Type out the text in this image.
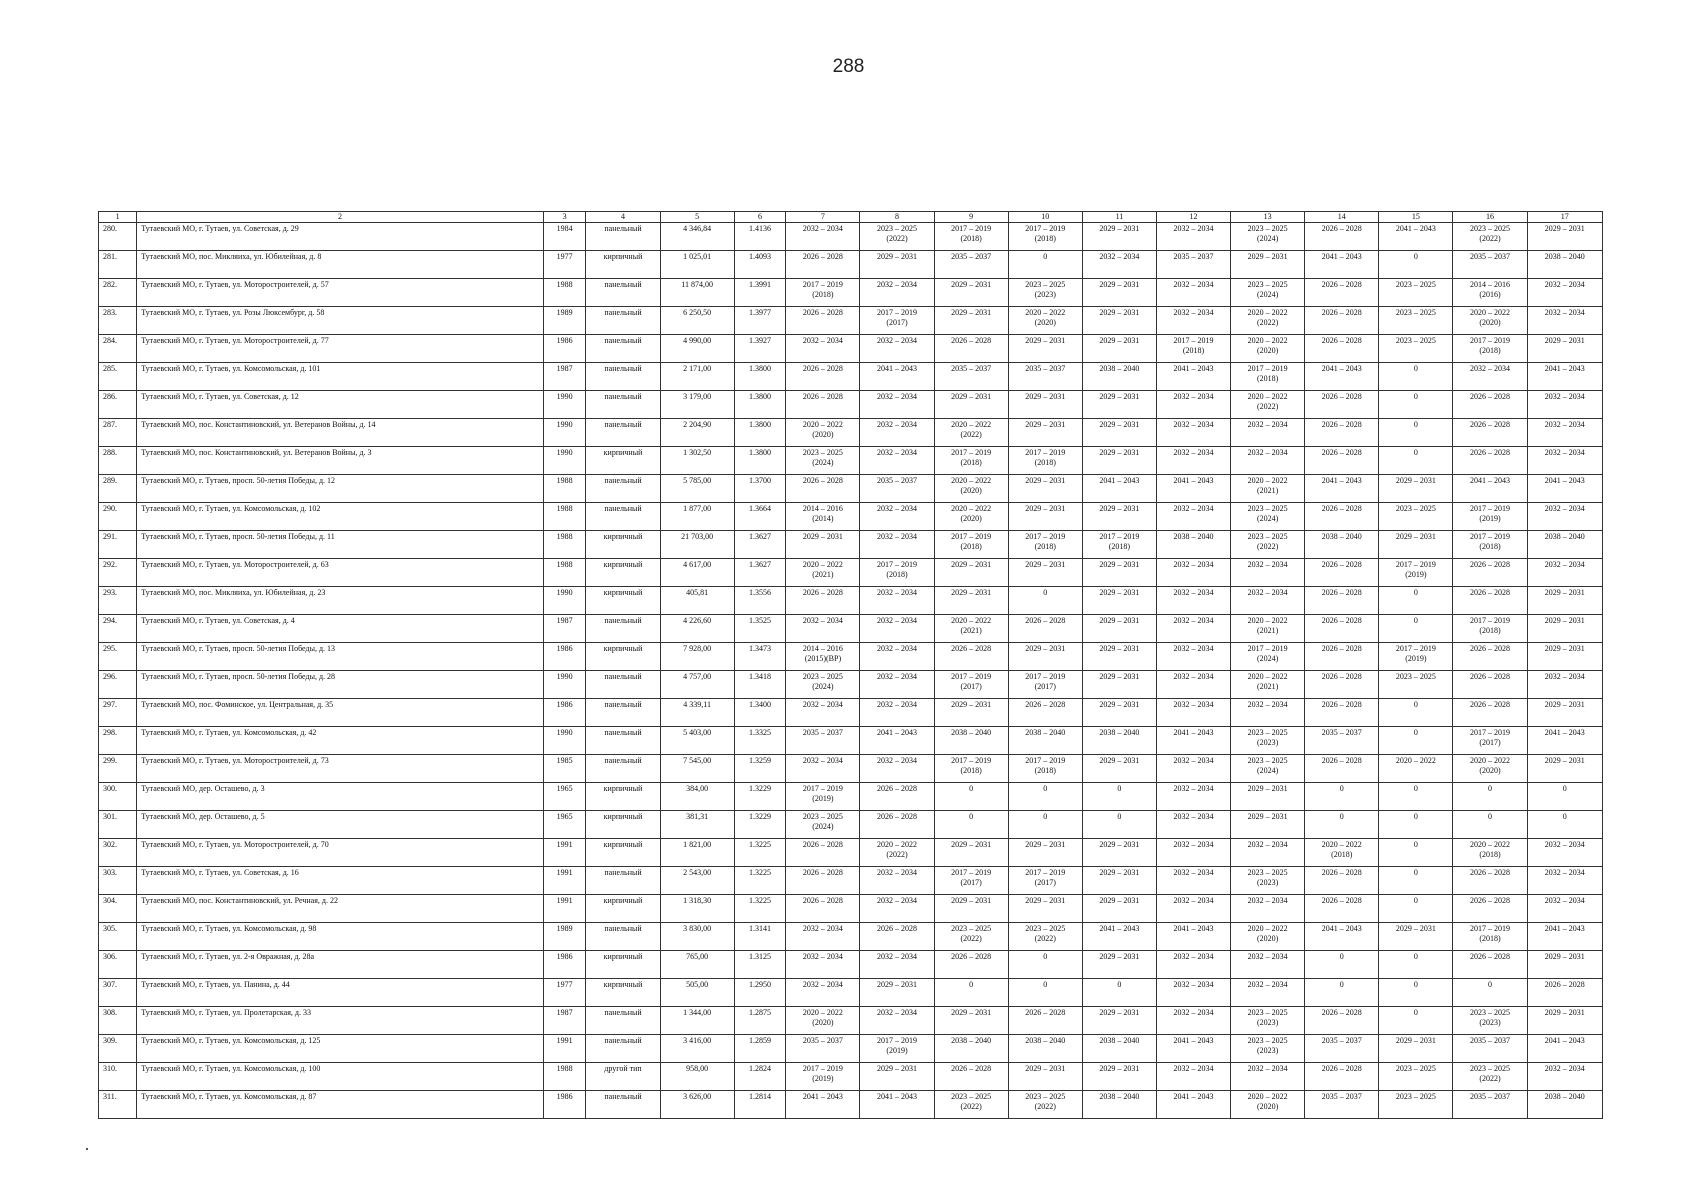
288
1	2	3	4	5	6	7	8	9	10	11	12	13	14	15	16	17
280.	Тутаевский МО, г. Тутаев, ул. Советская, д. 29	1984	панельный	4 346,84	1.4136	2032 – 2034	2023 – 2025
(2022)	2017 – 2019
(2018)	2017 – 2019
(2018)	2029 – 2031	2032 – 2034	2023 – 2025
(2024)	2026 – 2028	2041 – 2043	2023 – 2025
(2022)	2029 – 2031
281.	Тутаевский МО, пос. Микляиха, ул. Юбилейная, д. 8	1977	кирпичный	1 025,01	1.4093	2026 – 2028	2029 – 2031	2035 – 2037	0	2032 – 2034	2035 – 2037	2029 – 2031	2041 – 2043	0	2035 – 2037	2038 – 2040
282.	Тутаевский МО, г. Тутаев, ул. Моторостроителей, д. 57	1988	панельный	11 874,00	1.3991	2017 – 2019
(2018)	2032 – 2034	2029 – 2031	2023 – 2025
(2023)	2029 – 2031	2032 – 2034	2023 – 2025
(2024)	2026 – 2028	2023 – 2025	2014 – 2016
(2016)	2032 – 2034
283.	Тутаевский МО, г. Тутаев, ул. Розы Люксембург, д. 58	1989	панельный	6 250,50	1.3977	2026 – 2028	2017 – 2019
(2017)	2029 – 2031	2020 – 2022
(2020)	2029 – 2031	2032 – 2034	2020 – 2022
(2022)	2026 – 2028	2023 – 2025	2020 – 2022
(2020)	2032 – 2034
284.	Тутаевский МО, г. Тутаев, ул. Моторостроителей, д. 77	1986	панельный	4 990,00	1.3927	2032 – 2034	2032 – 2034	2026 – 2028	2029 – 2031	2029 – 2031	2017 – 2019
(2018)	2020 – 2022
(2020)	2026 – 2028	2023 – 2025	2017 – 2019
(2018)	2029 – 2031
285.	Тутаевский МО, г. Тутаев, ул. Комсомольская, д. 101	1987	панельный	2 171,00	1.3800	2026 – 2028	2041 – 2043	2035 – 2037	2035 – 2037	2038 – 2040	2041 – 2043	2017 – 2019
(2018)	2041 – 2043	0	2032 – 2034	2041 – 2043
286.	Тутаевский МО, г. Тутаев, ул. Советская, д. 12	1990	панельный	3 179,00	1.3800	2026 – 2028	2032 – 2034	2029 – 2031	2029 – 2031	2029 – 2031	2032 – 2034	2020 – 2022
(2022)	2026 – 2028	0	2026 – 2028	2032 – 2034
287.	Тутаевский МО, пос. Константиновский, ул. Ветеранов Войны, д. 14	1990	панельный	2 204,90	1.3800	2020 – 2022
(2020)	2032 – 2034	2020 – 2022
(2022)	2029 – 2031	2029 – 2031	2032 – 2034	2032 – 2034	2026 – 2028	0	2026 – 2028	2032 – 2034
288.	Тутаевский МО, пос. Константиновский, ул. Ветеранов Войны, д. 3	1990	кирпичный	1 302,50	1.3800	2023 – 2025
(2024)	2032 – 2034	2017 – 2019
(2018)	2017 – 2019
(2018)	2029 – 2031	2032 – 2034	2032 – 2034	2026 – 2028	0	2026 – 2028	2032 – 2034
289.	Тутаевский МО, г. Тутаев, просп. 50-летия Победы, д. 12	1988	панельный	5 785,00	1.3700	2026 – 2028	2035 – 2037	2020 – 2022
(2020)	2029 – 2031	2041 – 2043	2041 – 2043	2020 – 2022
(2021)	2041 – 2043	2029 – 2031	2041 – 2043	2041 – 2043
290.	Тутаевский МО, г. Тутаев, ул. Комсомольская, д. 102	1988	панельный	1 877,00	1.3664	2014 – 2016
(2014)	2032 – 2034	2020 – 2022
(2020)	2029 – 2031	2029 – 2031	2032 – 2034	2023 – 2025
(2024)	2026 – 2028	2023 – 2025	2017 – 2019
(2019)	2032 – 2034
291.	Тутаевский МО, г. Тутаев, просп. 50-летия Победы, д. 11	1988	кирпичный	21 703,00	1.3627	2029 – 2031	2032 – 2034	2017 – 2019
(2018)	2017 – 2019
(2018)	2017 – 2019
(2018)	2038 – 2040	2023 – 2025
(2022)	2038 – 2040	2029 – 2031	2017 – 2019
(2018)	2038 – 2040
292.	Тутаевский МО, г. Тутаев, ул. Моторостроителей, д. 63	1988	кирпичный	4 617,00	1.3627	2020 – 2022
(2021)	2017 – 2019
(2018)	2029 – 2031	2029 – 2031	2029 – 2031	2032 – 2034	2032 – 2034	2026 – 2028	2017 – 2019
(2019)	2026 – 2028	2032 – 2034
293.	Тутаевский МО, пос. Микляиха, ул. Юбилейная, д. 23	1990	кирпичный	405,81	1.3556	2026 – 2028	2032 – 2034	2029 – 2031	0	2029 – 2031	2032 – 2034	2032 – 2034	2026 – 2028	0	2026 – 2028	2029 – 2031
294.	Тутаевский МО, г. Тутаев, ул. Советская, д. 4	1987	панельный	4 226,60	1.3525	2032 – 2034	2032 – 2034	2020 – 2022
(2021)	2026 – 2028	2029 – 2031	2032 – 2034	2020 – 2022
(2021)	2026 – 2028	0	2017 – 2019
(2018)	2029 – 2031
295.	Тутаевский МО, г. Тутаев, просп. 50-летия Победы, д. 13	1986	кирпичный	7 928,00	1.3473	2014 – 2016
(2015)(ВР)	2032 – 2034	2026 – 2028	2029 – 2031	2029 – 2031	2032 – 2034	2017 – 2019
(2024)	2026 – 2028	2017 – 2019
(2019)	2026 – 2028	2029 – 2031
296.	Тутаевский МО, г. Тутаев, просп. 50-летия Победы, д. 28	1990	панельный	4 757,00	1.3418	2023 – 2025
(2024)	2032 – 2034	2017 – 2019
(2017)	2017 – 2019
(2017)	2029 – 2031	2032 – 2034	2020 – 2022
(2021)	2026 – 2028	2023 – 2025	2026 – 2028	2032 – 2034
297.	Тутаевский МО, пос. Фоминское, ул. Центральная, д. 35	1986	панельный	4 339,11	1.3400	2032 – 2034	2032 – 2034	2029 – 2031	2026 – 2028	2029 – 2031	2032 – 2034	2032 – 2034	2026 – 2028	0	2026 – 2028	2029 – 2031
298.	Тутаевский МО, г. Тутаев, ул. Комсомольская, д. 42	1990	панельный	5 403,00	1.3325	2035 – 2037	2041 – 2043	2038 – 2040	2038 – 2040	2038 – 2040	2041 – 2043	2023 – 2025
(2023)	2035 – 2037	0	2017 – 2019
(2017)	2041 – 2043
299.	Тутаевский МО, г. Тутаев, ул. Моторостроителей, д. 73	1985	панельный	7 545,00	1.3259	2032 – 2034	2032 – 2034	2017 – 2019
(2018)	2017 – 2019
(2018)	2029 – 2031	2032 – 2034	2023 – 2025
(2024)	2026 – 2028	2020 – 2022	2020 – 2022
(2020)	2029 – 2031
300.	Тутаевский МО, дер. Осташево, д. 3	1965	кирпичный	384,00	1.3229	2017 – 2019
(2019)	2026 – 2028	0	0	0	2032 – 2034	2029 – 2031	0	0	0	0
301.	Тутаевский МО, дер. Осташево, д. 5	1965	кирпичный	381,31	1.3229	2023 – 2025
(2024)	2026 – 2028	0	0	0	2032 – 2034	2029 – 2031	0	0	0	0
302.	Тутаевский МО, г. Тутаев, ул. Моторостроителей, д. 70	1991	кирпичный	1 821,00	1.3225	2026 – 2028	2020 – 2022
(2022)	2029 – 2031	2029 – 2031	2029 – 2031	2032 – 2034	2032 – 2034	2020 – 2022
(2018)	0	2020 – 2022
(2018)	2032 – 2034
303.	Тутаевский МО, г. Тутаев, ул. Советская, д. 16	1991	панельный	2 543,00	1.3225	2026 – 2028	2032 – 2034	2017 – 2019
(2017)	2017 – 2019
(2017)	2029 – 2031	2032 – 2034	2023 – 2025
(2023)	2026 – 2028	0	2026 – 2028	2032 – 2034
304.	Тутаевский МО, пос. Константиновский, ул. Речная, д. 22	1991	кирпичный	1 318,30	1.3225	2026 – 2028	2032 – 2034	2029 – 2031	2029 – 2031	2029 – 2031	2032 – 2034	2032 – 2034	2026 – 2028	0	2026 – 2028	2032 – 2034
305.	Тутаевский МО, г. Тутаев, ул. Комсомольская, д. 98	1989	панельный	3 830,00	1.3141	2032 – 2034	2026 – 2028	2023 – 2025
(2022)	2023 – 2025
(2022)	2041 – 2043	2041 – 2043	2020 – 2022
(2020)	2041 – 2043	2029 – 2031	2017 – 2019
(2018)	2041 – 2043
306.	Тутаевский МО, г. Тутаев, ул. 2-я Овражная, д. 28а	1986	кирпичный	765,00	1.3125	2032 – 2034	2032 – 2034	2026 – 2028	0	2029 – 2031	2032 – 2034	2032 – 2034	0	0	2026 – 2028	2029 – 2031
307.	Тутаевский МО, г. Тутаев, ул. Панина, д. 44	1977	кирпичный	505,00	1.2950	2032 – 2034	2029 – 2031	0	0	0	2032 – 2034	2032 – 2034	0	0	0	2026 – 2028
308.	Тутаевский МО, г. Тутаев, ул. Пролетарская, д. 33	1987	панельный	1 344,00	1.2875	2020 – 2022
(2020)	2032 – 2034	2029 – 2031	2026 – 2028	2029 – 2031	2032 – 2034	2023 – 2025
(2023)	2026 – 2028	0	2023 – 2025
(2023)	2029 – 2031
309.	Тутаевский МО, г. Тутаев, ул. Комсомольская, д. 125	1991	панельный	3 416,00	1.2859	2035 – 2037	2017 – 2019
(2019)	2038 – 2040	2038 – 2040	2038 – 2040	2041 – 2043	2023 – 2025
(2023)	2035 – 2037	2029 – 2031	2035 – 2037	2041 – 2043
310.	Тутаевский МО, г. Тутаев, ул. Комсомольская, д. 100	1988	другой тип	958,00	1.2824	2017 – 2019
(2019)	2029 – 2031	2026 – 2028	2029 – 2031	2029 – 2031	2032 – 2034	2032 – 2034	2026 – 2028	2023 – 2025	2023 – 2025
(2022)	2032 – 2034
311.	Тутаевский МО, г. Тутаев, ул. Комсомольская, д. 87	1986	панельный	3 626,00	1.2814	2041 – 2043	2041 – 2043	2023 – 2025
(2022)	2023 – 2025
(2022)	2038 – 2040	2041 – 2043	2020 – 2022
(2020)	2035 – 2037	2023 – 2025	2035 – 2037	2038 – 2040
